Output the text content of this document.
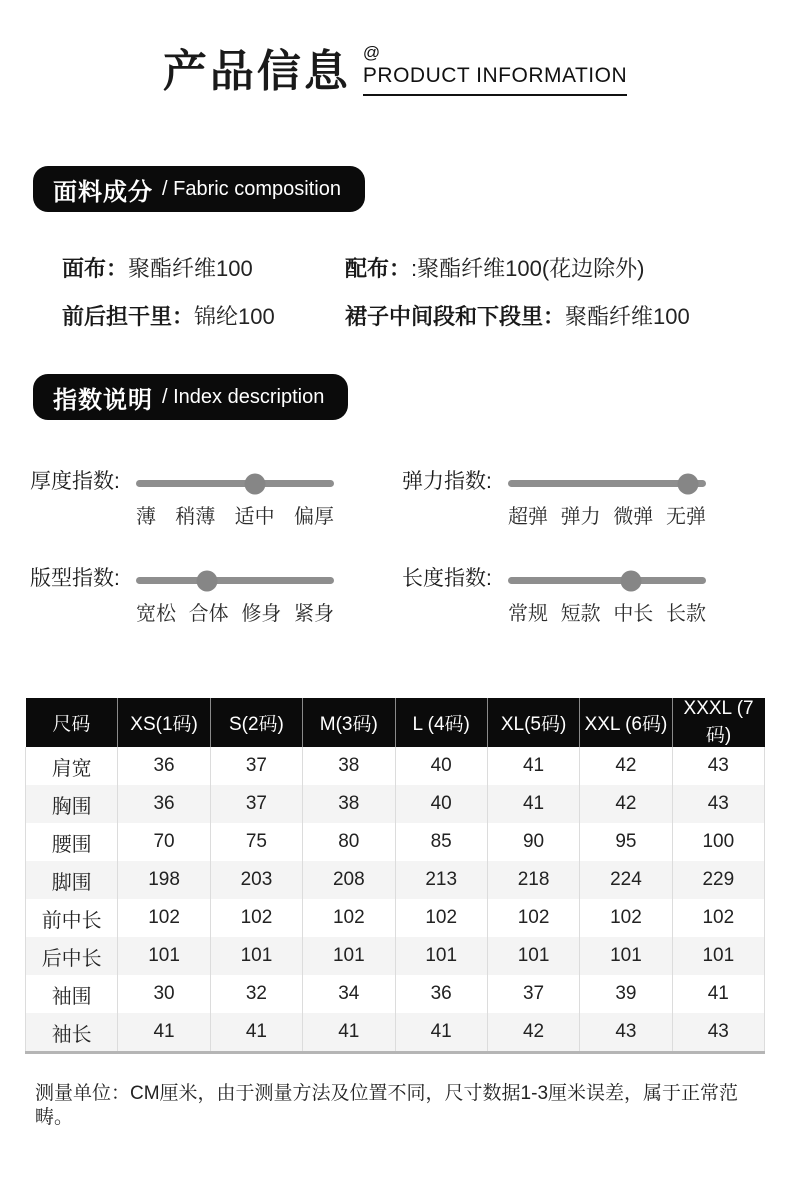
产品信息 @
PRODUCT INFORMATION
面料成分 / Fabric composition
面布：聚酯纤维100	配布：:聚酯纤维100(花边除外)
前后担干里：锦纶100	裙子中间段和下段里：聚酯纤维100
指数说明 / Index description
厚度指数:
薄 稍薄 适中 偏厚
弹力指数:
超弹 弹力 微弹 无弹
版型指数:
宽松 合体 修身 紧身
长度指数:
常规 短款 中长 长款
尺码	XS(1码)	S(2码)	M(3码)	L (4码)	XL(5码)	XXL (6码)	XXXL (7码)
肩宽	36	37	38	40	41	42	43
胸围	36	37	38	40	41	42	43
腰围	70	75	80	85	90	95	100
脚围	198	203	208	213	218	224	229
前中长	102	102	102	102	102	102	102
后中长	101	101	101	101	101	101	101
袖围	30	32	34	36	37	39	41
袖长	41	41	41	41	42	43	43
测量单位：CM厘米，由于测量方法及位置不同，尺寸数据1-3厘米误差，属于正常范畴。
